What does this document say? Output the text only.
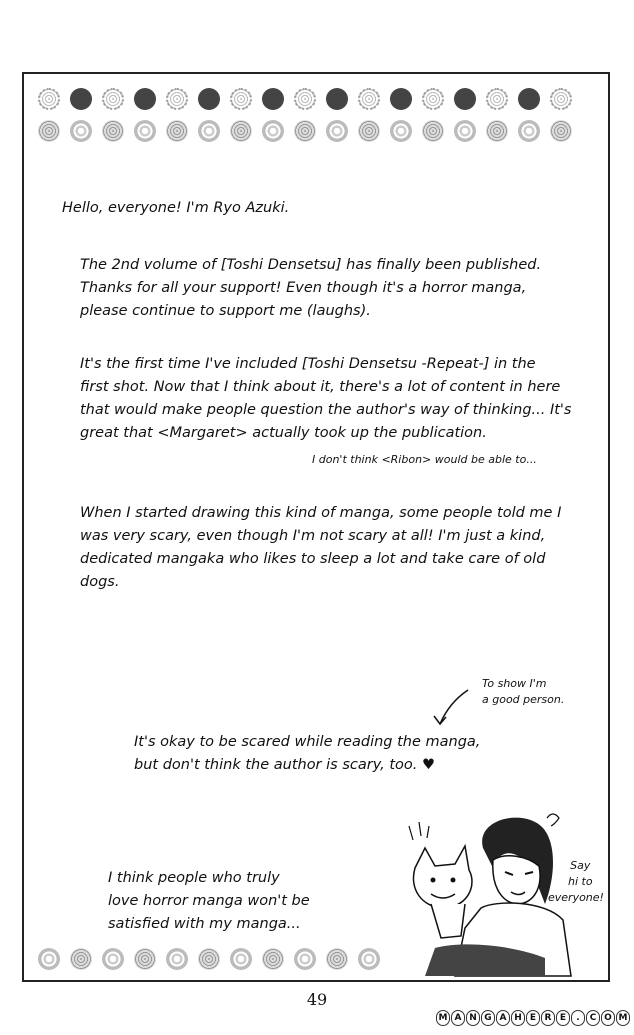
Hello, everyone! I'm Ryo Azuki.

The 2nd volume of [Toshi Densetsu] has finally been published.
Thanks for all your support! Even though it's a horror manga,
please continue to support me (laughs).
It's the first time I've included [Toshi Densetsu -Repeat-] in the
first shot. Now that I think about it, there's a lot of content in here
that would make people question the author's way of thinking... It's
great that <Margaret> actually took up the publication.

I don't think <Ribon> would be able to...

When I started drawing this kind of manga, some people told me I
was very scary, even though I'm not scary at all! I'm just a kind,
dedicated mangaka who likes to sleep a lot and take care of old
dogs.
To show I'm
a good person.
It's okay to be scared while reading the manga,
but don't think the author is scary, too. ♥
I think people who truly
love horror manga won't be
satisfied with my manga...
Say
hi to
everyone!
49
M A N G A H E R E	.	C O M
